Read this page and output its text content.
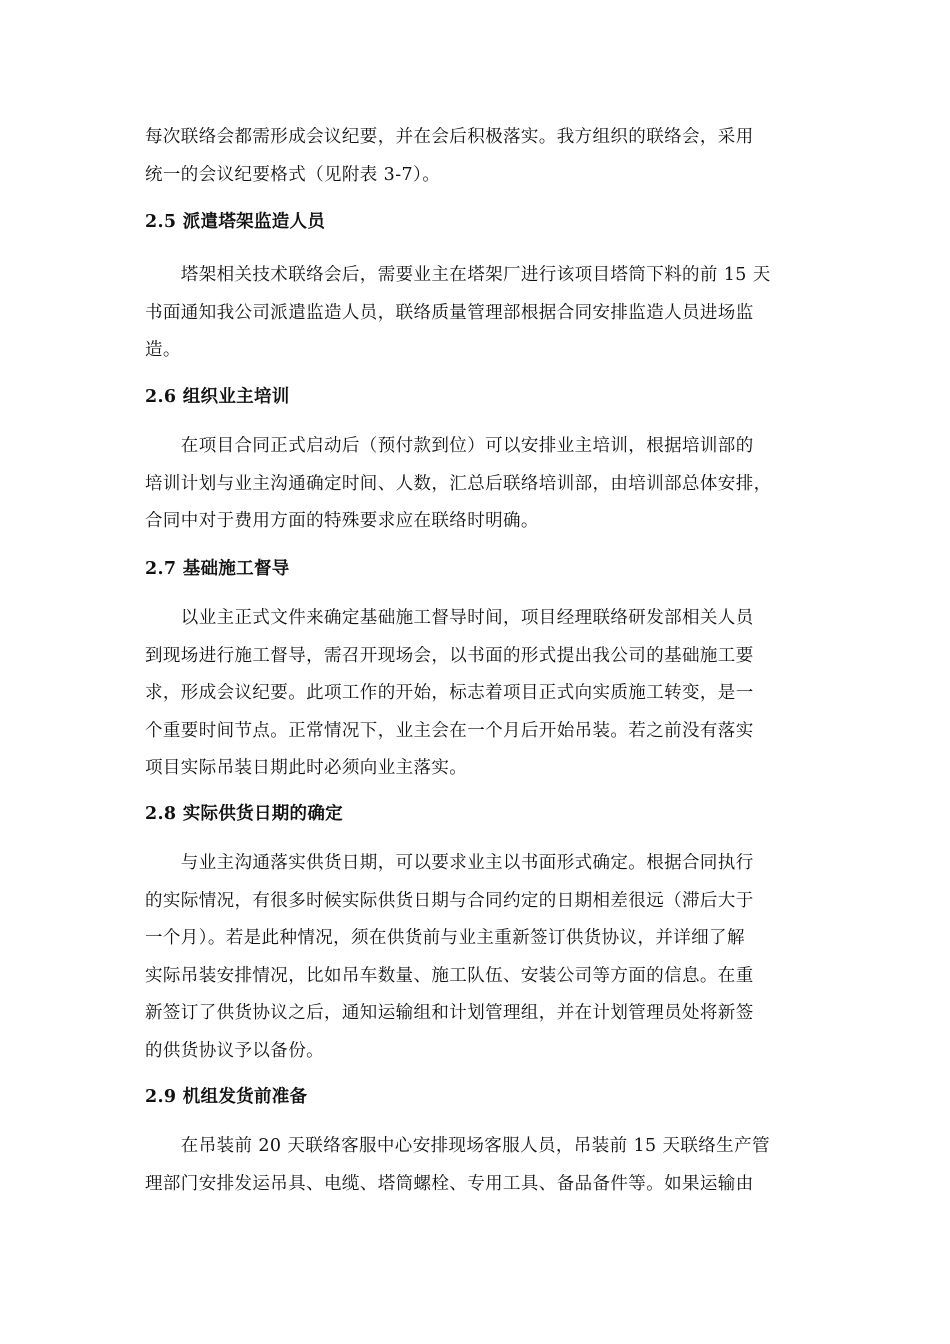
每次联络会都需形成会议纪要，并在会后积极落实。我方组织的联络会，采用
统一的会议纪要格式（见附表 3-7）。
2.5 派遣塔架监造人员
　　塔架相关技术联络会后，需要业主在塔架厂进行该项目塔筒下料的前 15 天
书面通知我公司派遣监造人员，联络质量管理部根据合同安排监造人员进场监
造。
2.6 组织业主培训
　　在项目合同正式启动后（预付款到位）可以安排业主培训，根据培训部的
培训计划与业主沟通确定时间、人数，汇总后联络培训部，由培训部总体安排，
合同中对于费用方面的特殊要求应在联络时明确。
2.7 基础施工督导
　　以业主正式文件来确定基础施工督导时间，项目经理联络研发部相关人员
到现场进行施工督导，需召开现场会，以书面的形式提出我公司的基础施工要
求，形成会议纪要。此项工作的开始，标志着项目正式向实质施工转变，是一
个重要时间节点。正常情况下，业主会在一个月后开始吊装。若之前没有落实
项目实际吊装日期此时必须向业主落实。
2.8 实际供货日期的确定
　　与业主沟通落实供货日期，可以要求业主以书面形式确定。根据合同执行
的实际情况，有很多时候实际供货日期与合同约定的日期相差很远（滞后大于
一个月）。若是此种情况，须在供货前与业主重新签订供货协议，并详细了解
实际吊装安排情况，比如吊车数量、施工队伍、安装公司等方面的信息。在重
新签订了供货协议之后，通知运输组和计划管理组，并在计划管理员处将新签
的供货协议予以备份。
2.9 机组发货前准备
　　在吊装前 20 天联络客服中心安排现场客服人员，吊装前 15 天联络生产管
理部门安排发运吊具、电缆、塔筒螺栓、专用工具、备品备件等。如果运输由
